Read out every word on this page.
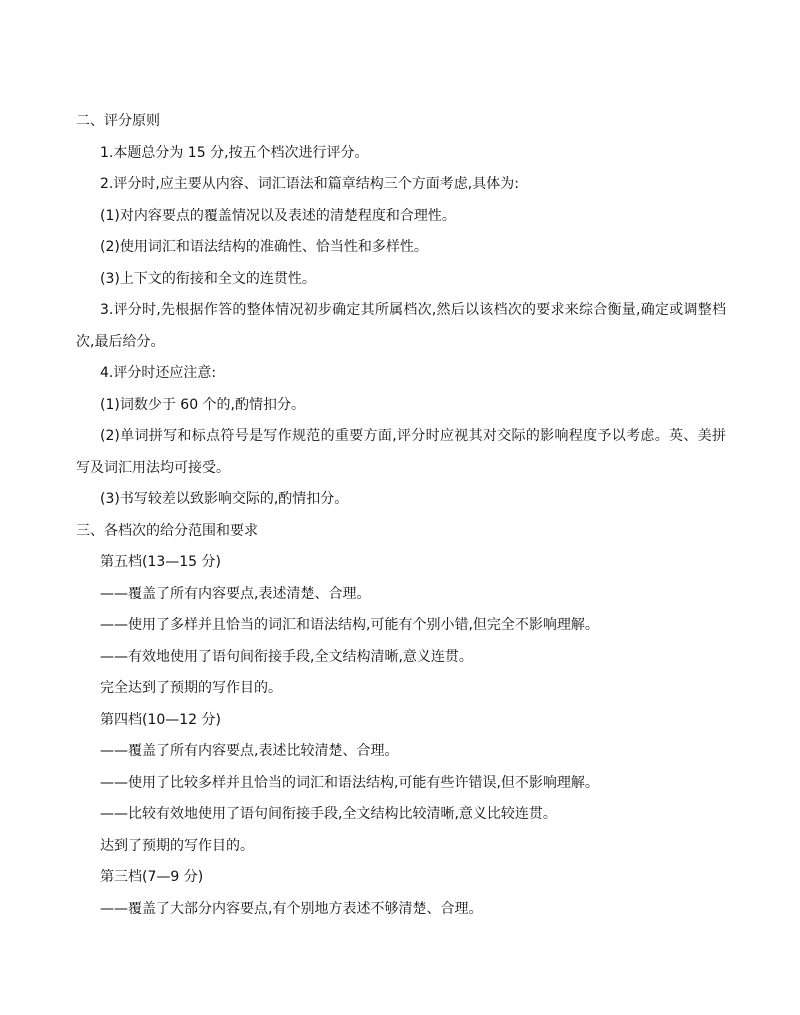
二、评分原则

1.本题总分为 15 分,按五个档次进行评分。

2.评分时,应主要从内容、词汇语法和篇章结构三个方面考虑,具体为:

(1)对内容要点的覆盖情况以及表述的清楚程度和合理性。

(2)使用词汇和语法结构的准确性、恰当性和多样性。

(3)上下文的衔接和全文的连贯性。

3.评分时,先根据作答的整体情况初步确定其所属档次,然后以该档次的要求来综合衡量,确定或调整档次,最后给分。

4.评分时还应注意:

(1)词数少于 60 个的,酌情扣分。

(2)单词拼写和标点符号是写作规范的重要方面,评分时应视其对交际的影响程度予以考虑。英、美拼写及词汇用法均可接受。

(3)书写较差以致影响交际的,酌情扣分。

三、各档次的给分范围和要求

第五档(13—15 分)

——覆盖了所有内容要点,表述清楚、合理。

——使用了多样并且恰当的词汇和语法结构,可能有个别小错,但完全不影响理解。

——有效地使用了语句间衔接手段,全文结构清晰,意义连贯。

完全达到了预期的写作目的。

第四档(10—12 分)

——覆盖了所有内容要点,表述比较清楚、合理。

——使用了比较多样并且恰当的词汇和语法结构,可能有些许错误,但不影响理解。

——比较有效地使用了语句间衔接手段,全文结构比较清晰,意义比较连贯。

达到了预期的写作目的。

第三档(7—9 分)

——覆盖了大部分内容要点,有个别地方表述不够清楚、合理。
